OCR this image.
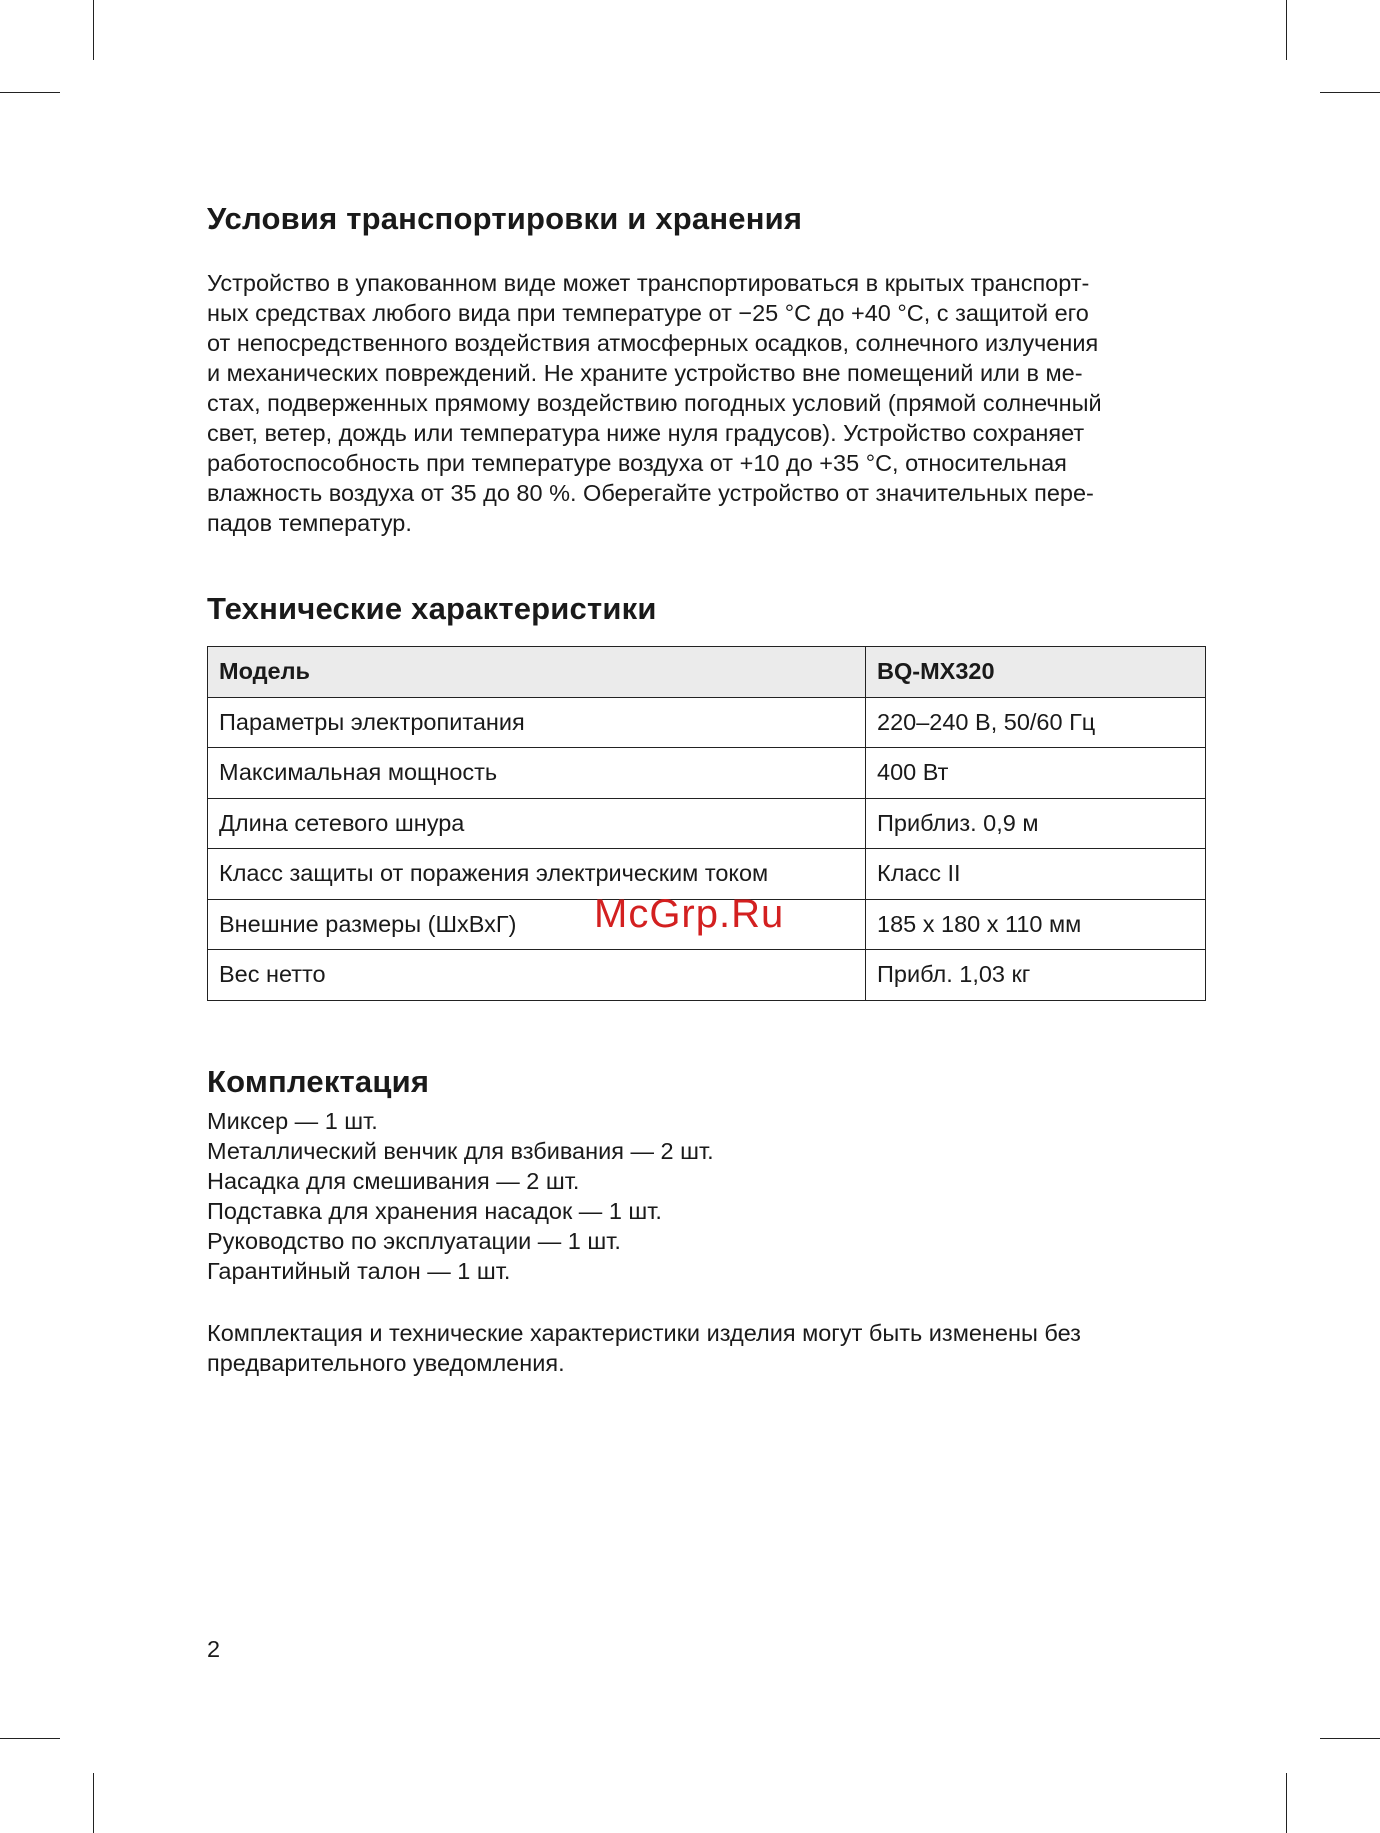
Условия транспортировки и хранения
Устройство в упакованном виде может транспортироваться в крытых транспорт-
ных средствах любого вида при температуре от −25 °C до +40 °C, с защитой его
от непосредственного воздействия атмосферных осадков, солнечного излучения
и механических повреждений. Не храните устройство вне помещений или в ме-
стах, подверженных прямому воздействию погодных условий (прямой солнечный
свет, ветер, дождь или температура ниже нуля градусов). Устройство сохраняет
работоспособность при температуре воздуха от +10 до +35 °C, относительная
влажность воздуха от 35 до 80 %. Оберегайте устройство от значительных пере-
падов температур.
Технические характеристики
Модель	BQ-MX320
Параметры электропитания	220–240 В, 50/60 Гц
Максимальная мощность	400 Вт
Длина сетевого шнура	Приблиз. 0,9 м
Класс защиты от поражения электрическим током	Класс II
Внешние размеры (ШхВхГ)	185 x 180 x 110 мм
Вес нетто	Прибл. 1,03 кг
McGrp.Ru
Комплектация
Миксер — 1 шт.
Металлический венчик для взбивания — 2 шт.
Насадка для смешивания — 2 шт.
Подставка для хранения насадок — 1 шт.
Руководство по эксплуатации — 1 шт.
Гарантийный талон — 1 шт.
Комплектация и технические характеристики изделия могут быть изменены без
предварительного уведомления.
2
